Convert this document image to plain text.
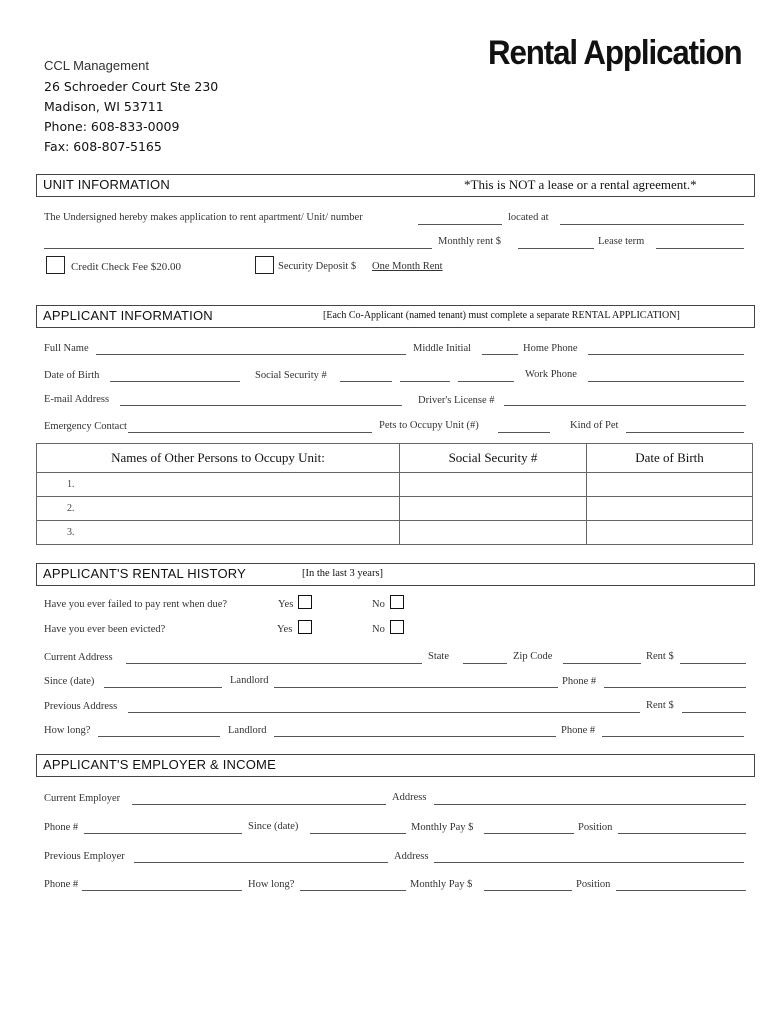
Rental Application
CCL Management
26 Schroeder Court Ste 230
Madison, WI 53711
Phone: 608-833-0009
Fax: 608-807-5165
UNIT INFORMATION	*This is NOT a lease or a rental agreement.*
The Undersigned hereby makes application to rent apartment/ Unit/ number	located at
Monthly rent $	Lease term
Credit Check Fee $20.00	Security Deposit $ One Month Rent
APPLICANT INFORMATION	[Each Co-Applicant (named tenant) must complete a separate RENTAL APPLICATION]
Full Name	Middle Initial	Home Phone
Date of Birth	Social Security #	Work Phone
E-mail Address	Driver's License #
Emergency Contact	Pets to Occupy Unit (#)	Kind of Pet
Names of Other Persons to Occupy Unit:	Social Security #	Date of Birth
1.		
2.		
3.		
APPLICANT'S RENTAL HISTORY	[In the last 3 years]
Have you ever failed to pay rent when due?	Yes	No
Have you ever been evicted?	Yes	No
Current Address	State	Zip Code	Rent $
Since (date)	Landlord	Phone #
Previous Address	Rent $
How long?	Landlord	Phone #
APPLICANT'S EMPLOYER & INCOME
Current Employer	Address
Phone #	Since (date)	Monthly Pay $	Position
Previous Employer	Address
Phone #	How long?	Monthly Pay $	Position
